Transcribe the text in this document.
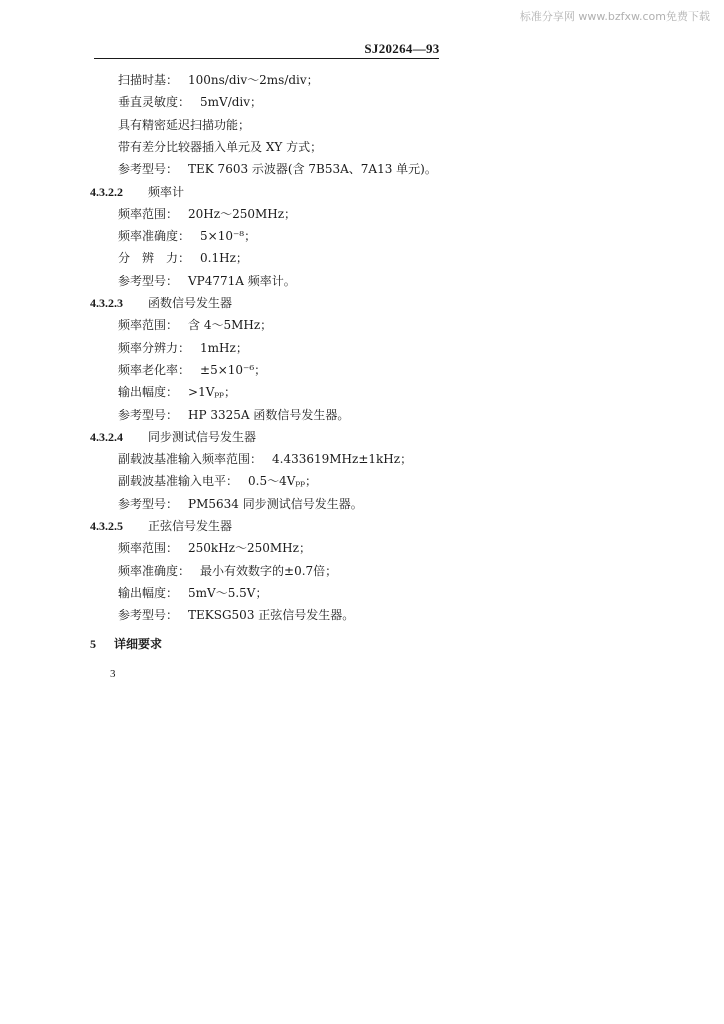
标准分享网 www.bzfxw.com免费下载
SJ20264—93
扫描时基： 100ns/div～2ms/div；
垂直灵敏度： 5mV/div；
具有精密延迟扫描功能；
带有差分比较器插入单元及 XY 方式；
参考型号： TEK 7603 示波器(含 7B53A、7A13 单元)。
4.3.2.2 频率计
频率范围： 20Hz～250MHz；
频率准确度： 5×10⁻⁸；
分　辨　力： 0.1Hz；
参考型号： VP4771A 频率计。
4.3.2.3 函数信号发生器
频率范围： 含 4～5MHz；
频率分辨力： 1mHz；
频率老化率： ±5×10⁻⁶；
输出幅度： >1Vₚₚ；
参考型号： HP 3325A 函数信号发生器。
4.3.2.4 同步测试信号发生器
副载波基准输入频率范围： 4.433619MHz±1kHz；
副载波基准输入电平： 0.5～4Vₚₚ；
参考型号： PM5634 同步测试信号发生器。
4.3.2.5 正弦信号发生器
频率范围： 250kHz～250MHz；
频率准确度： 最小有效数字的±0.7倍；
输出幅度： 5mV～5.5V；
参考型号： TEKSG503 正弦信号发生器。
5 详细要求
3
